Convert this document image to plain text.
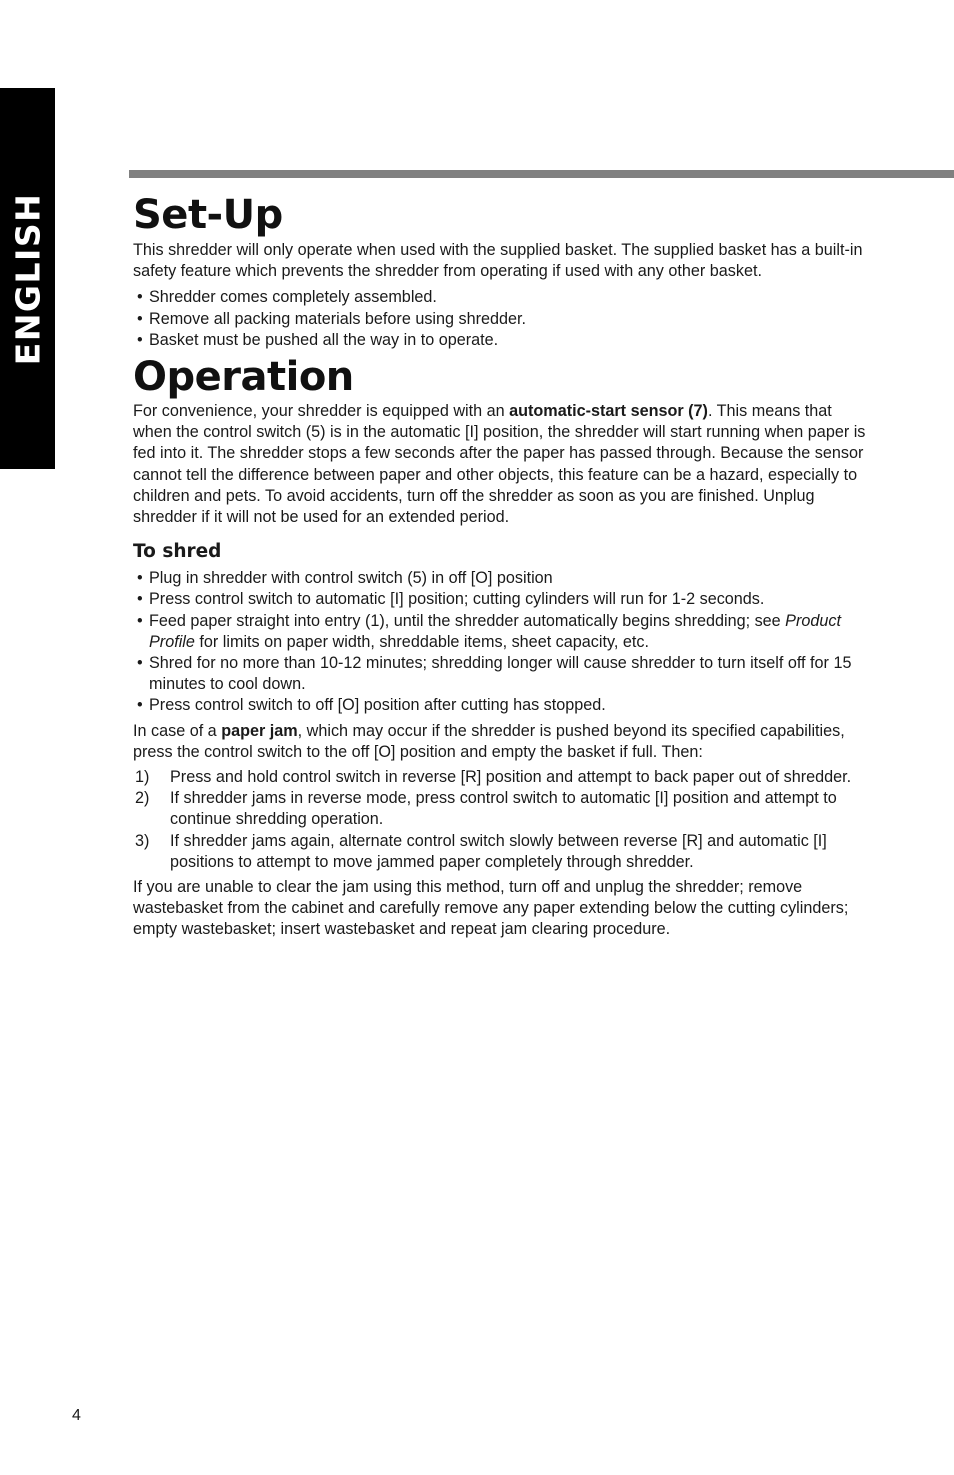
ENGLISH Set-Up

This shredder will only operate when used with the supplied basket. The supplied basket has a built-in safety feature which prevents the shredder from operating if used with any other basket.

• Shredder comes completely assembled.
• Remove all packing materials before using shredder.
• Basket must be pushed all the way in to operate.
Operation

For convenience, your shredder is equipped with an automatic-start sensor (7). This means that when the control switch (5) is in the automatic [I] position, the shredder will start running when paper is fed into it. The shredder stops a few seconds after the paper has passed through. Because the sensor cannot tell the difference between paper and other objects, this feature can be a hazard, especially to children and pets. To avoid accidents, turn off the shredder as soon as you are finished. Unplug shredder if it will not be used for an extended period.

To shred
• Plug in shredder with control switch (5) in off [O] position
• Press control switch to automatic [I] position; cutting cylinders will run for 1-2 seconds.
• Feed paper straight into entry (1), until the shredder automatically begins shredding; see Product Profile for limits on paper width, shreddable items, sheet capacity, etc.
• Shred for no more than 10-12 minutes; shredding longer will cause shredder to turn itself off for 15 minutes to cool down.
• Press control switch to off [O] position after cutting has stopped.

In case of a paper jam, which may occur if the shredder is pushed beyond its specified capabilities, press the control switch to the off [O] position and empty the basket if full. Then:

1) Press and hold control switch in reverse [R] position and attempt to back paper out of shredder.
2) If shredder jams in reverse mode, press control switch to automatic [I] position and attempt to continue shredding operation.
3) If shredder jams again, alternate control switch slowly between reverse [R] and automatic [I] positions to attempt to move jammed paper completely through shredder.

If you are unable to clear the jam using this method, turn off and unplug the shredder; remove wastebasket from the cabinet and carefully remove any paper extending below the cutting cylinders; empty wastebasket; insert wastebasket and repeat jam clearing procedure.

4
